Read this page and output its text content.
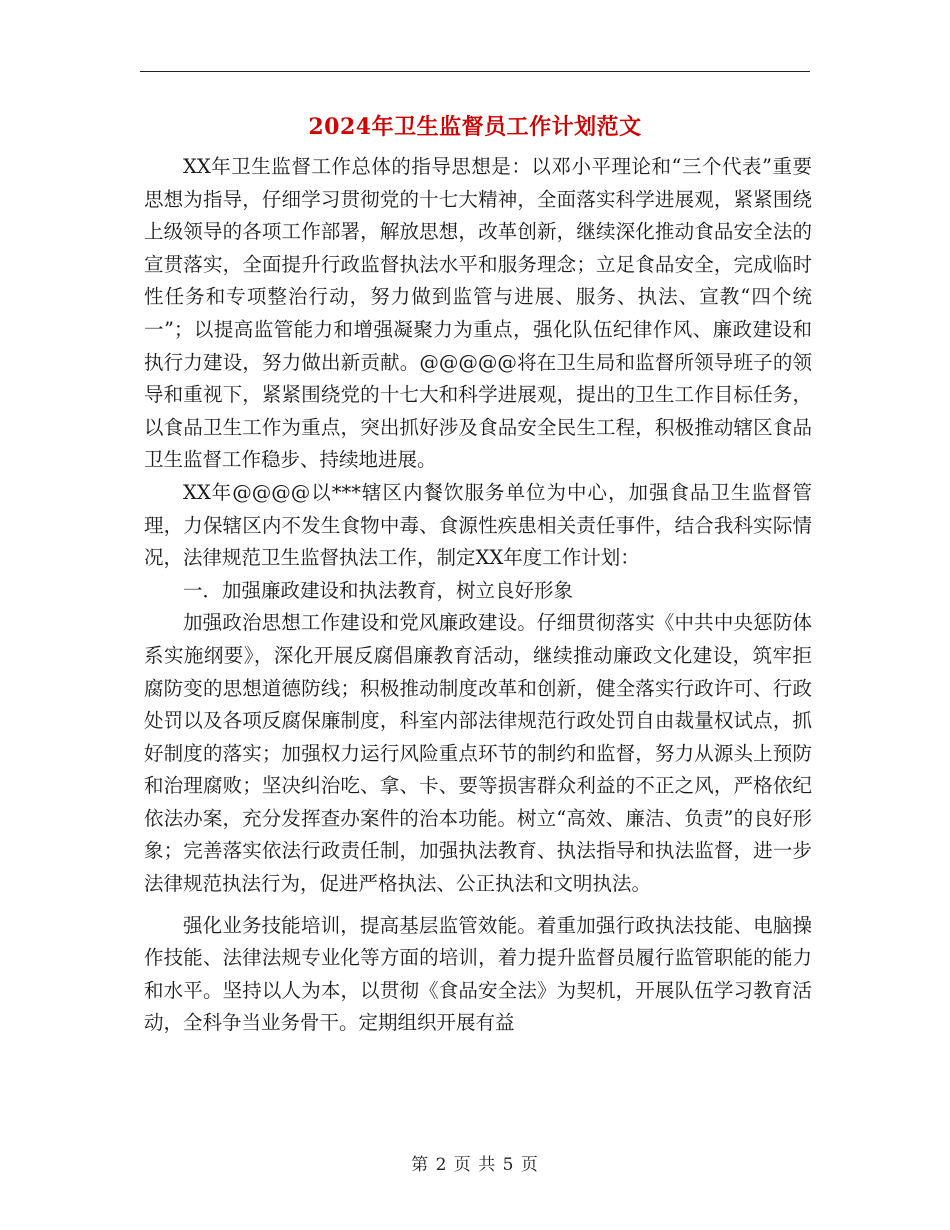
2024年卫生监督员工作计划范文

XX年卫生监督工作总体的指导思想是：以邓小平理论和“三个代表”重要思想为指导，仔细学习贯彻党的十七大精神，全面落实科学进展观，紧紧围绕上级领导的各项工作部署，解放思想，改革创新，继续深化推动食品安全法的宣贯落实，全面提升行政监督执法水平和服务理念；立足食品安全，完成临时性任务和专项整治行动，努力做到监管与进展、服务、执法、宣教“四个统一”；以提高监管能力和增强凝聚力为重点，强化队伍纪律作风、廉政建设和执行力建设，努力做出新贡献。@@@@@将在卫生局和监督所领导班子的领导和重视下，紧紧围绕党的十七大和科学进展观，提出的卫生工作目标任务，以食品卫生工作为重点，突出抓好涉及食品安全民生工程，积极推动辖区食品卫生监督工作稳步、持续地进展。

XX年@@@@以***辖区内餐饮服务单位为中心，加强食品卫生监督管理，力保辖区内不发生食物中毒、食源性疾患相关责任事件，结合我科实际情况，法律规范卫生监督执法工作，制定XX年度工作计划：

一．加强廉政建设和执法教育，树立良好形象

加强政治思想工作建设和党风廉政建设。仔细贯彻落实《中共中央惩防体系实施纲要》，深化开展反腐倡廉教育活动，继续推动廉政文化建设，筑牢拒腐防变的思想道德防线；积极推动制度改革和创新，健全落实行政许可、行政处罚以及各项反腐保廉制度，科室内部法律规范行政处罚自由裁量权试点，抓好制度的落实；加强权力运行风险重点环节的制约和监督，努力从源头上预防和治理腐败；坚决纠治吃、拿、卡、要等损害群众利益的不正之风，严格依纪依法办案，充分发挥查办案件的治本功能。树立“高效、廉洁、负责”的良好形象；完善落实依法行政责任制，加强执法教育、执法指导和执法监督，进一步法律规范执法行为，促进严格执法、公正执法和文明执法。

强化业务技能培训，提高基层监管效能。着重加强行政执法技能、电脑操作技能、法律法规专业化等方面的培训，着力提升监督员履行监管职能的能力和水平。坚持以人为本，以贯彻《食品安全法》为契机，开展队伍学习教育活动，全科争当业务骨干。定期组织开展有益

第 2 页 共 5 页
